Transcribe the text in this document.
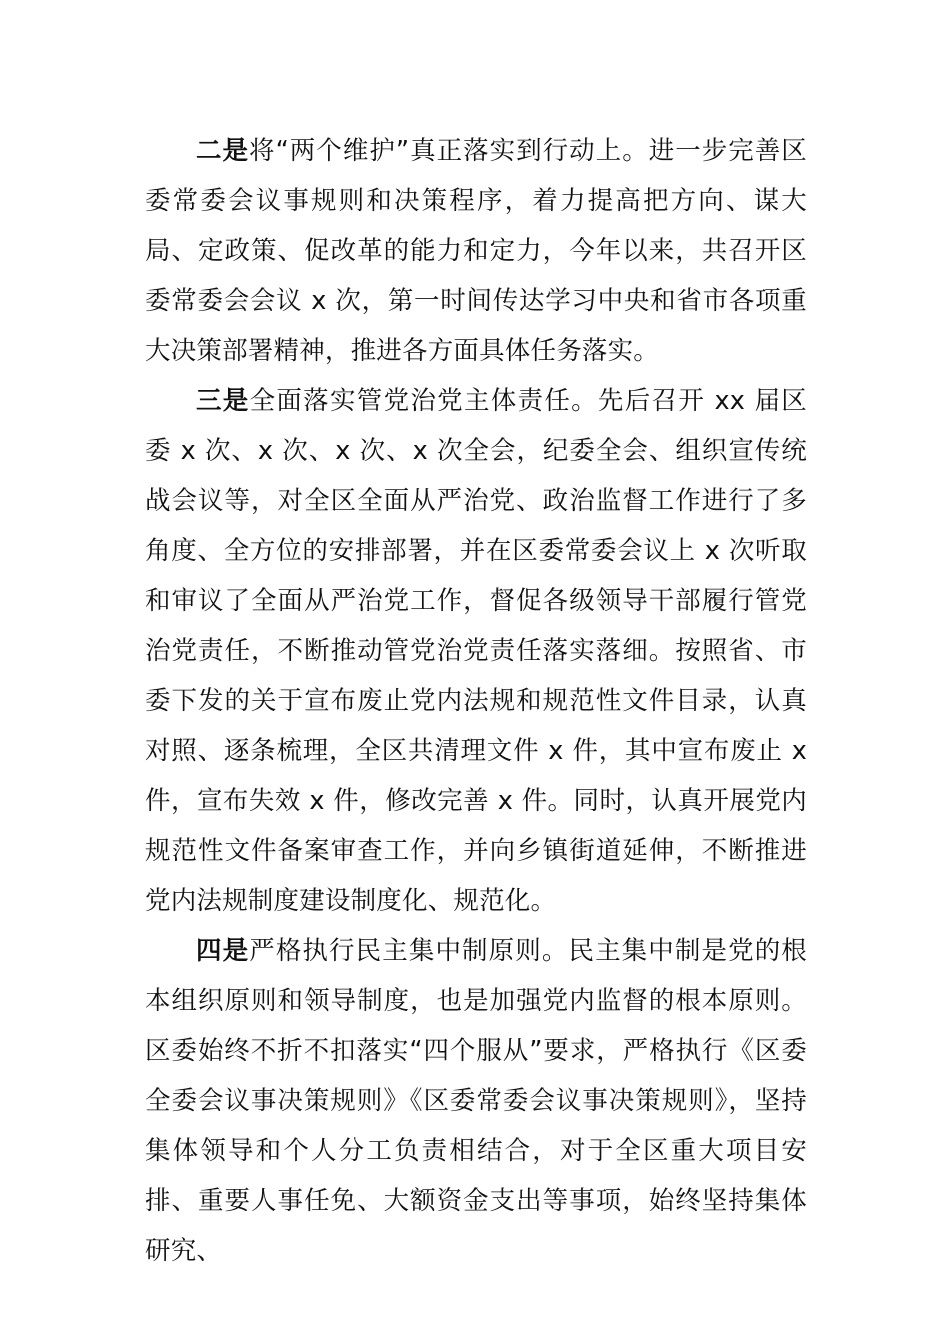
二是将“两个维护”真正落实到行动上。进一步完善区委常委会议事规则和决策程序，着力提高把方向、谋大局、定政策、促改革的能力和定力，今年以来，共召开区委常委会会议 x 次，第一时间传达学习中央和省市各项重大决策部署精神，推进各方面具体任务落实。

三是全面落实管党治党主体责任。先后召开 xx 届区委 x 次、x 次、x 次、x 次全会，纪委全会、组织宣传统战会议等，对全区全面从严治党、政治监督工作进行了多角度、全方位的安排部署，并在区委常委会议上 x 次听取和审议了全面从严治党工作，督促各级领导干部履行管党治党责任，不断推动管党治党责任落实落细。按照省、市委下发的关于宣布废止党内法规和规范性文件目录，认真对照、逐条梳理，全区共清理文件 x 件，其中宣布废止 x 件，宣布失效 x 件，修改完善 x 件。同时，认真开展党内规范性文件备案审查工作，并向乡镇街道延伸，不断推进党内法规制度建设制度化、规范化。

四是严格执行民主集中制原则。民主集中制是党的根本组织原则和领导制度，也是加强党内监督的根本原则。区委始终不折不扣落实“四个服从”要求，严格执行《区委全委会议事决策规则》《区委常委会议事决策规则》，坚持集体领导和个人分工负责相结合，对于全区重大项目安排、重要人事任免、大额资金支出等事项，始终坚持集体研究、
